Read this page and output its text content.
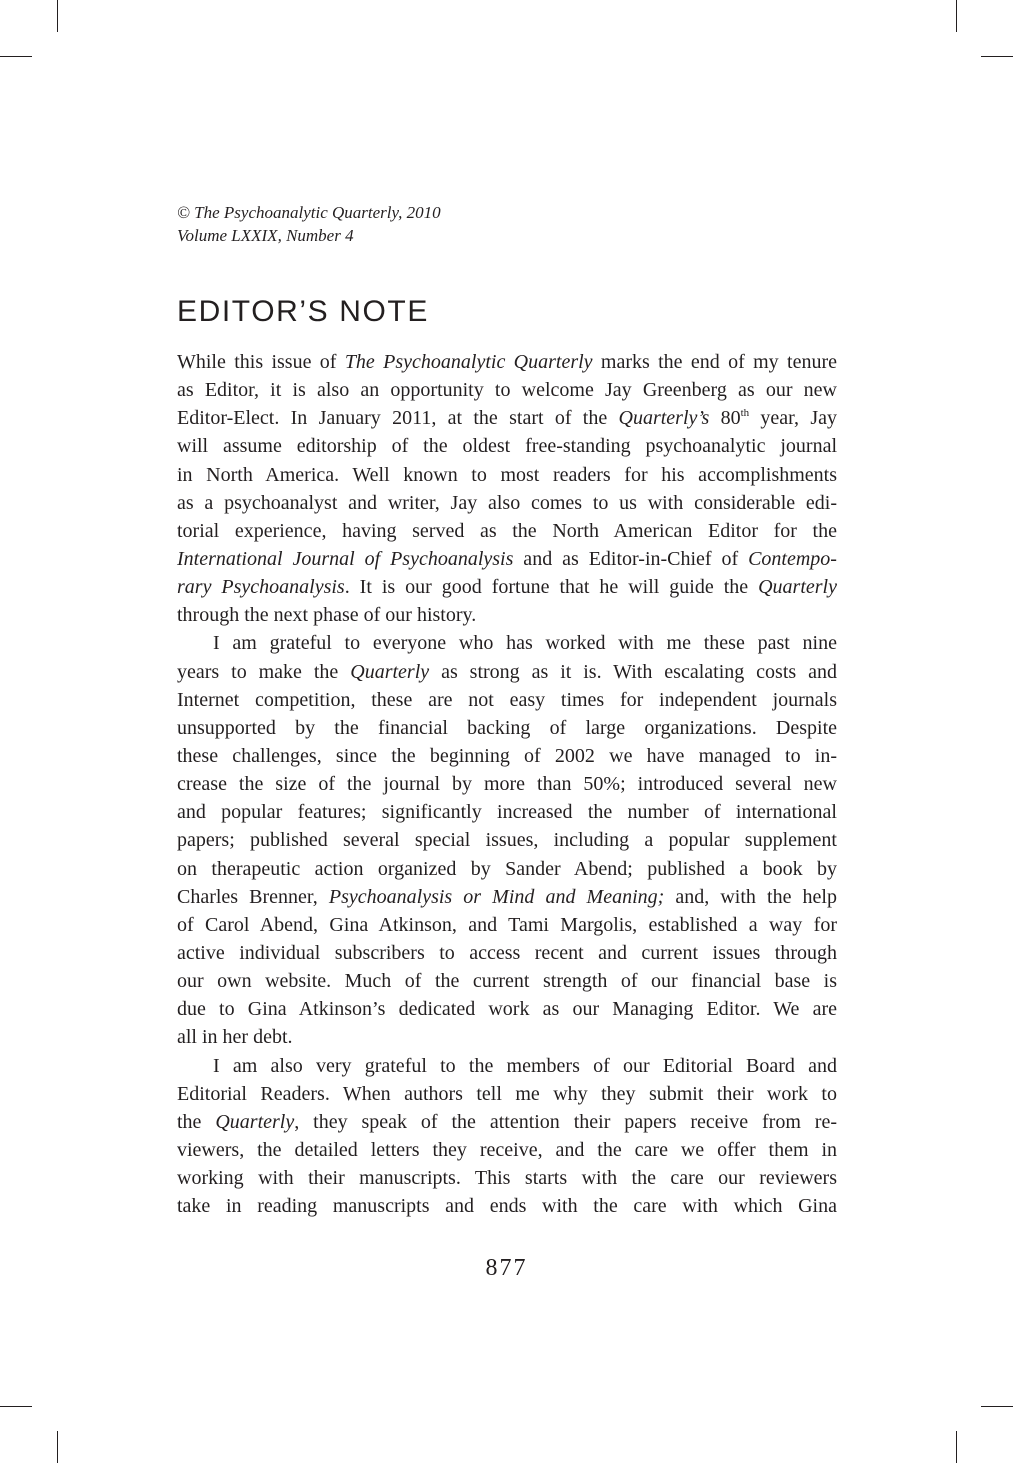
© The Psychoanalytic Quarterly, 2010
Volume LXXIX, Number 4
EDITOR’S NOTE
While this issue of The Psychoanalytic Quarterly marks the end of my tenure
as Editor, it is also an opportunity to welcome Jay Greenberg as our new
Editor-Elect. In January 2011, at the start of the Quarterly’s 80th year, Jay
will assume editorship of the oldest free-standing psychoanalytic journal
in North America. Well known to most readers for his accomplishments
as a psychoanalyst and writer, Jay also comes to us with considerable edi-
torial experience, having served as the North American Editor for the
International Journal of Psychoanalysis and as Editor-in-Chief of Contempo-
rary Psychoanalysis. It is our good fortune that he will guide the Quarterly
through the next phase of our history.
I am grateful to everyone who has worked with me these past nine
years to make the Quarterly as strong as it is. With escalating costs and
Internet competition, these are not easy times for independent journals
unsupported by the financial backing of large organizations. Despite
these challenges, since the beginning of 2002 we have managed to in-
crease the size of the journal by more than 50%; introduced several new
and popular features; significantly increased the number of international
papers; published several special issues, including a popular supplement
on therapeutic action organized by Sander Abend; published a book by
Charles Brenner, Psychoanalysis or Mind and Meaning; and, with the help
of Carol Abend, Gina Atkinson, and Tami Margolis, established a way for
active individual subscribers to access recent and current issues through
our own website. Much of the current strength of our financial base is
due to Gina Atkinson’s dedicated work as our Managing Editor. We are
all in her debt.
I am also very grateful to the members of our Editorial Board and
Editorial Readers. When authors tell me why they submit their work to
the Quarterly, they speak of the attention their papers receive from re-
viewers, the detailed letters they receive, and the care we offer them in
working with their manuscripts. This starts with the care our reviewers
take in reading manuscripts and ends with the care with which Gina
877
